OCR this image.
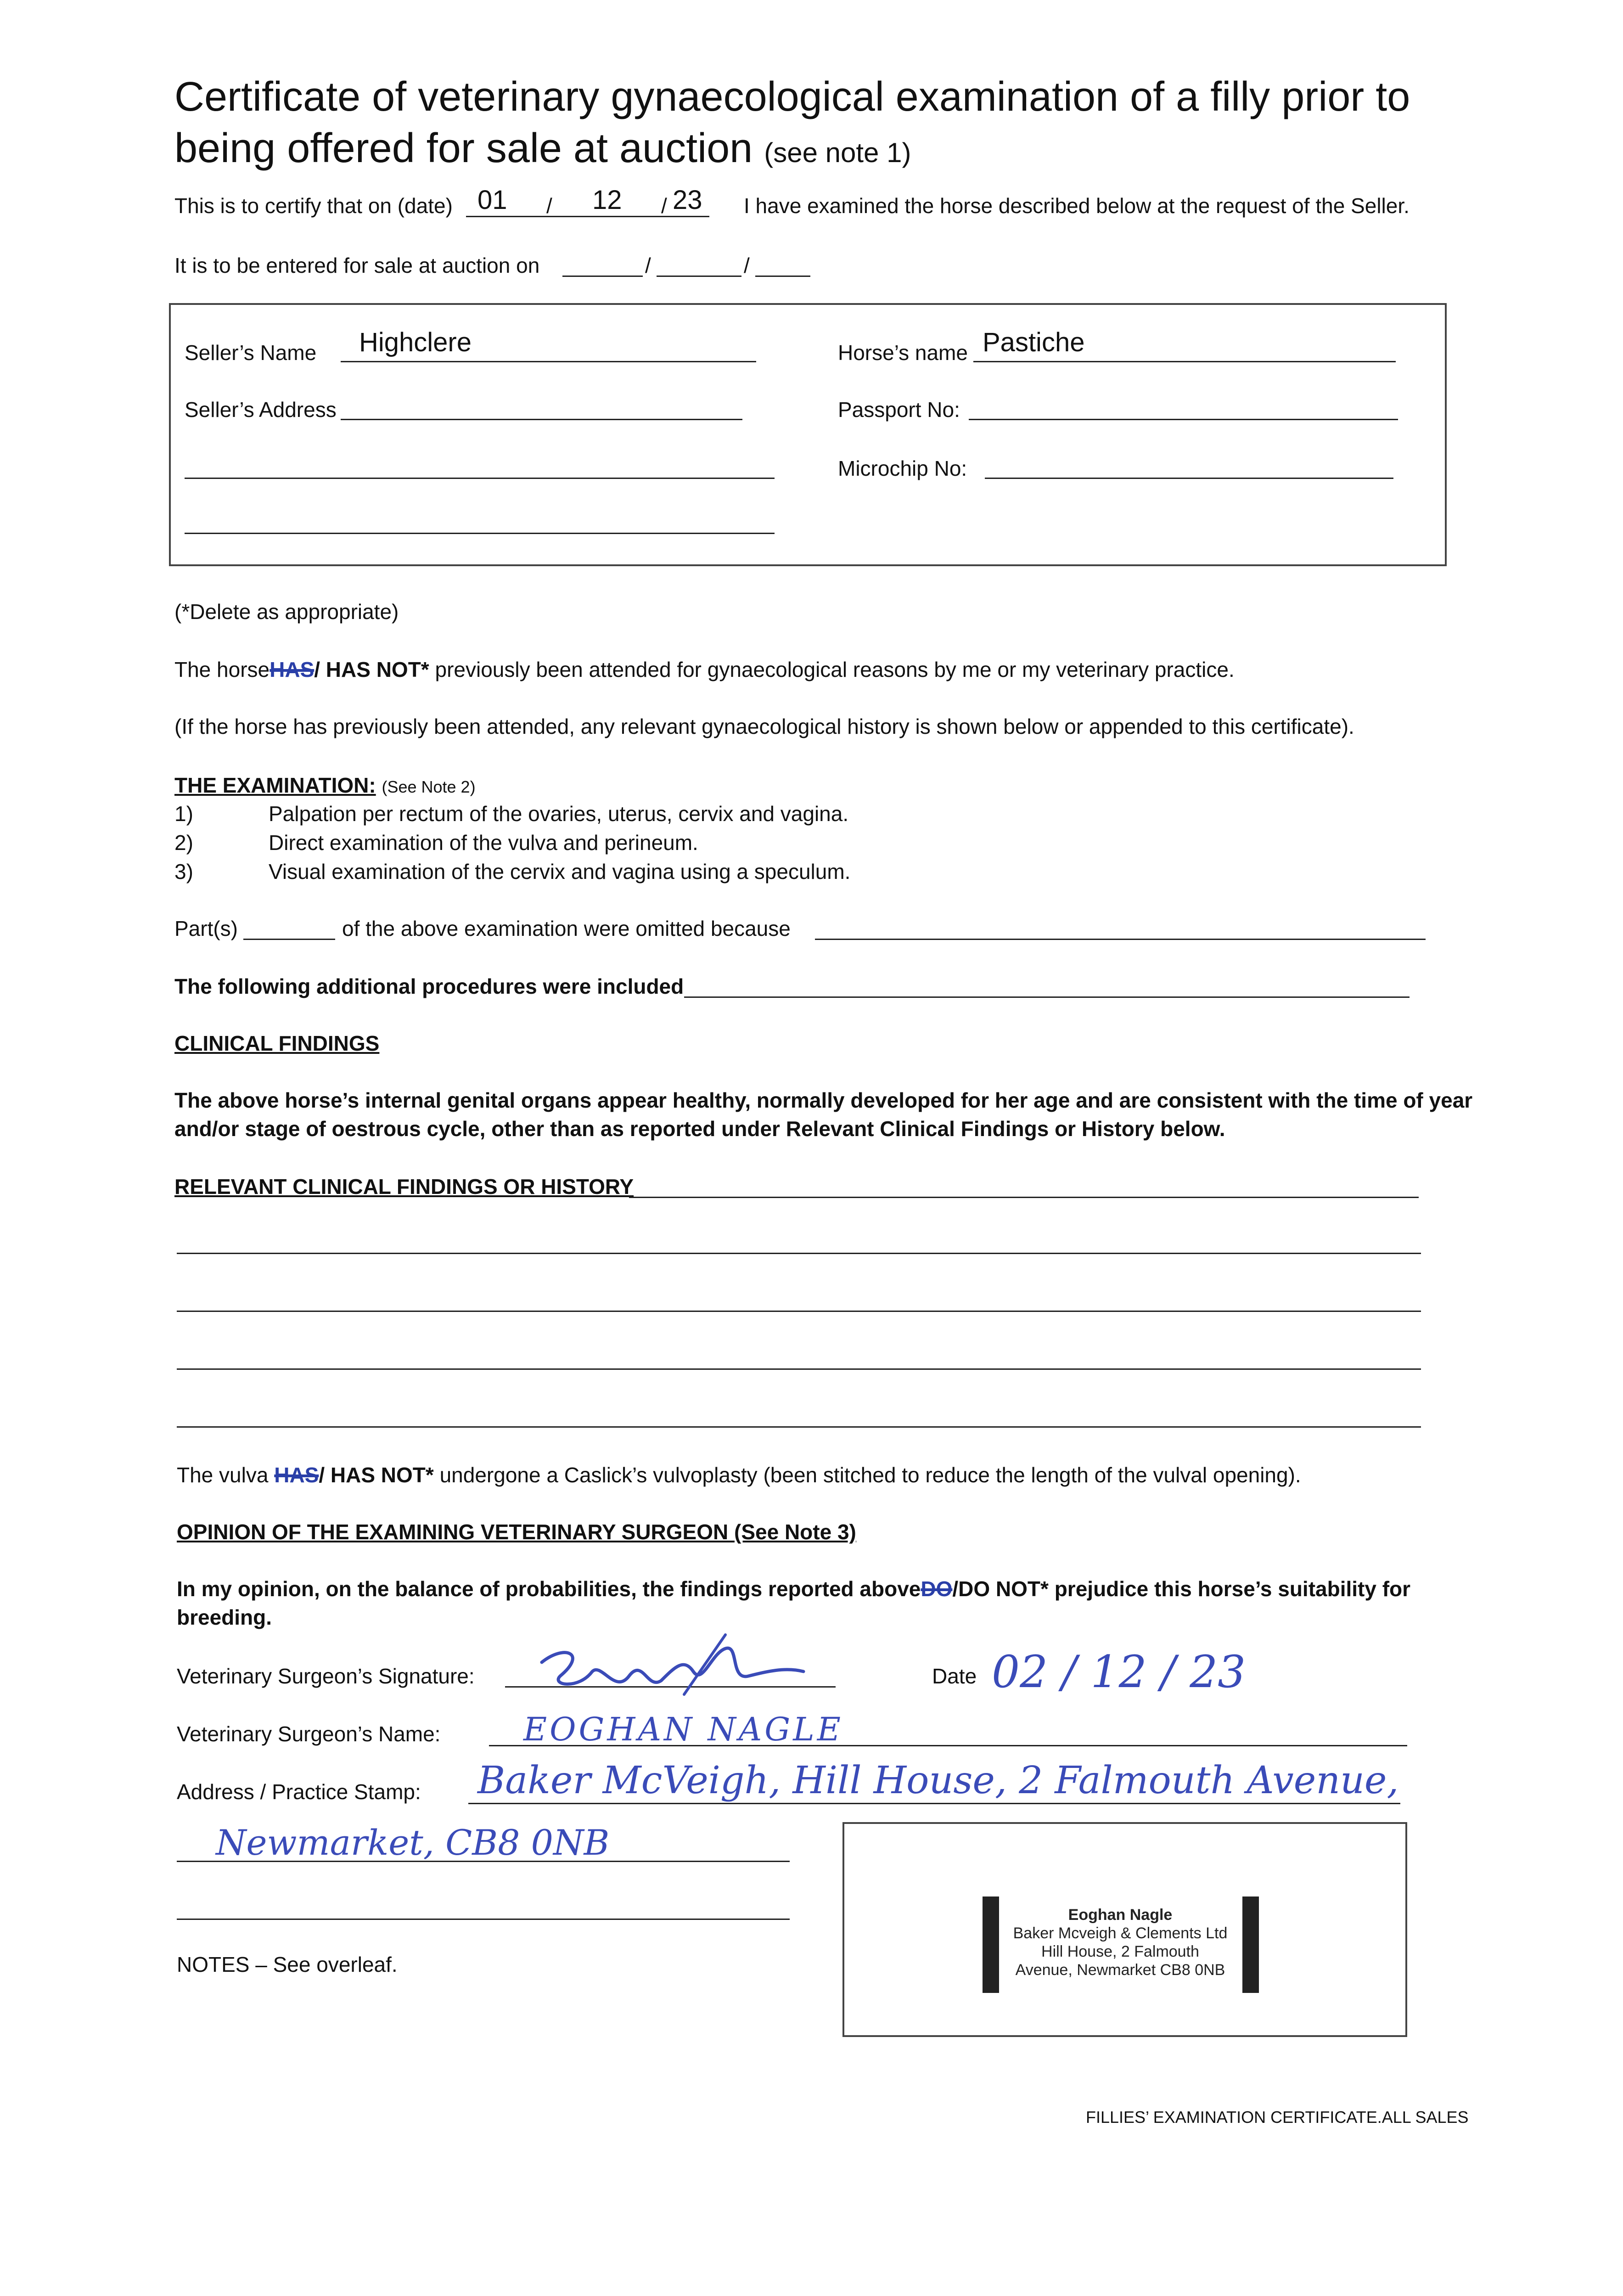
Certificate of veterinary gynaecological examination of a filly prior to
being offered for sale at auction (see note 1)
This is to certify that on (date) 01 / 12 / 23 I have examined the horse described below at the request of the Seller.
It is to be entered for sale at auction on	/	/
Seller’s Name Highclere
Seller’s Address
Horse’s name Pastiche
Passport No:
Microchip No:
(*Delete as appropriate)
The horseHAS/ HAS NOT* previously been attended for gynaecological reasons by me or my veterinary practice.
(If the horse has previously been attended, any relevant gynaecological history is shown below or appended to this certificate).
THE EXAMINATION: (See Note 2)
1)	Palpation per rectum of the ovaries, uterus, cervix and vagina.
2)	Direct examination of the vulva and perineum.
3)	Visual examination of the cervix and vagina using a speculum.
Part(s)	of the above examination were omitted because
The following additional procedures were included
CLINICAL FINDINGS
The above horse’s internal genital organs appear healthy, normally developed for her age and are consistent with the time of year
and/or stage of oestrous cycle, other than as reported under Relevant Clinical Findings or History below.
RELEVANT CLINICAL FINDINGS OR HISTORY
The vulva HAS/ HAS NOT* undergone a Caslick’s vulvoplasty (been stitched to reduce the length of the vulval opening).
OPINION OF THE EXAMINING VETERINARY SURGEON (See Note 3)
In my opinion, on the balance of probabilities, the findings reported aboveDO/DO NOT* prejudice this horse’s suitability for
breeding.
Veterinary Surgeon’s Signature:	Date 02 / 12 / 23
Veterinary Surgeon’s Name:	EOGHAN NAGLE
Address / Practice Stamp: Baker McVeigh, Hill House, 2 Falmouth Avenue,
Newmarket, CB8 0NB
Eoghan Nagle
Baker Mcveigh & Clements Ltd
Hill House, 2 Falmouth
Avenue, Newmarket CB8 0NB
NOTES – See overleaf.
FILLIES’ EXAMINATION CERTIFICATE.ALL SALES
